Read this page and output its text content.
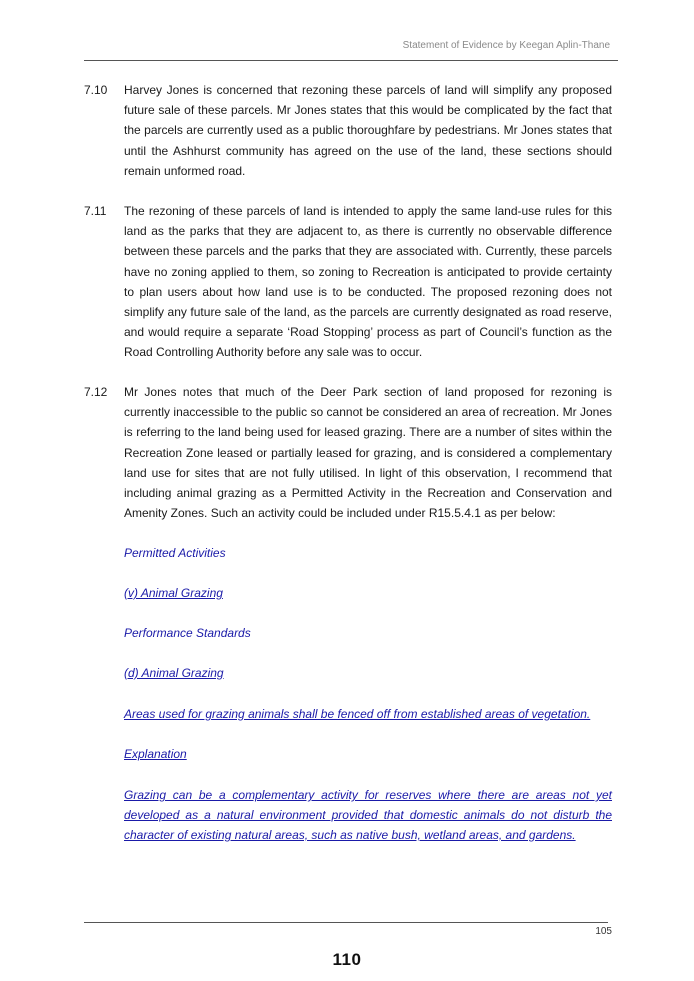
Statement of Evidence by Keegan Aplin-Thane
7.10 Harvey Jones is concerned that rezoning these parcels of land will simplify any proposed future sale of these parcels. Mr Jones states that this would be complicated by the fact that the parcels are currently used as a public thoroughfare by pedestrians. Mr Jones states that until the Ashhurst community has agreed on the use of the land, these sections should remain unformed road.
7.11 The rezoning of these parcels of land is intended to apply the same land-use rules for this land as the parks that they are adjacent to, as there is currently no observable difference between these parcels and the parks that they are associated with. Currently, these parcels have no zoning applied to them, so zoning to Recreation is anticipated to provide certainty to plan users about how land use is to be conducted. The proposed rezoning does not simplify any future sale of the land, as the parcels are currently designated as road reserve, and would require a separate ‘Road Stopping’ process as part of Council’s function as the Road Controlling Authority before any sale was to occur.
7.12 Mr Jones notes that much of the Deer Park section of land proposed for rezoning is currently inaccessible to the public so cannot be considered an area of recreation. Mr Jones is referring to the land being used for leased grazing. There are a number of sites within the Recreation Zone leased or partially leased for grazing, and is considered a complementary land use for sites that are not fully utilised. In light of this observation, I recommend that including animal grazing as a Permitted Activity in the Recreation and Conservation and Amenity Zones. Such an activity could be included under R15.5.4.1 as per below:
Permitted Activities
(v) Animal Grazing
Performance Standards
(d) Animal Grazing
Areas used for grazing animals shall be fenced off from established areas of vegetation.
Explanation
Grazing can be a complementary activity for reserves where there are areas not yet developed as a natural environment provided that domestic animals do not disturb the character of existing natural areas, such as native bush, wetland areas, and gardens.
105
110
